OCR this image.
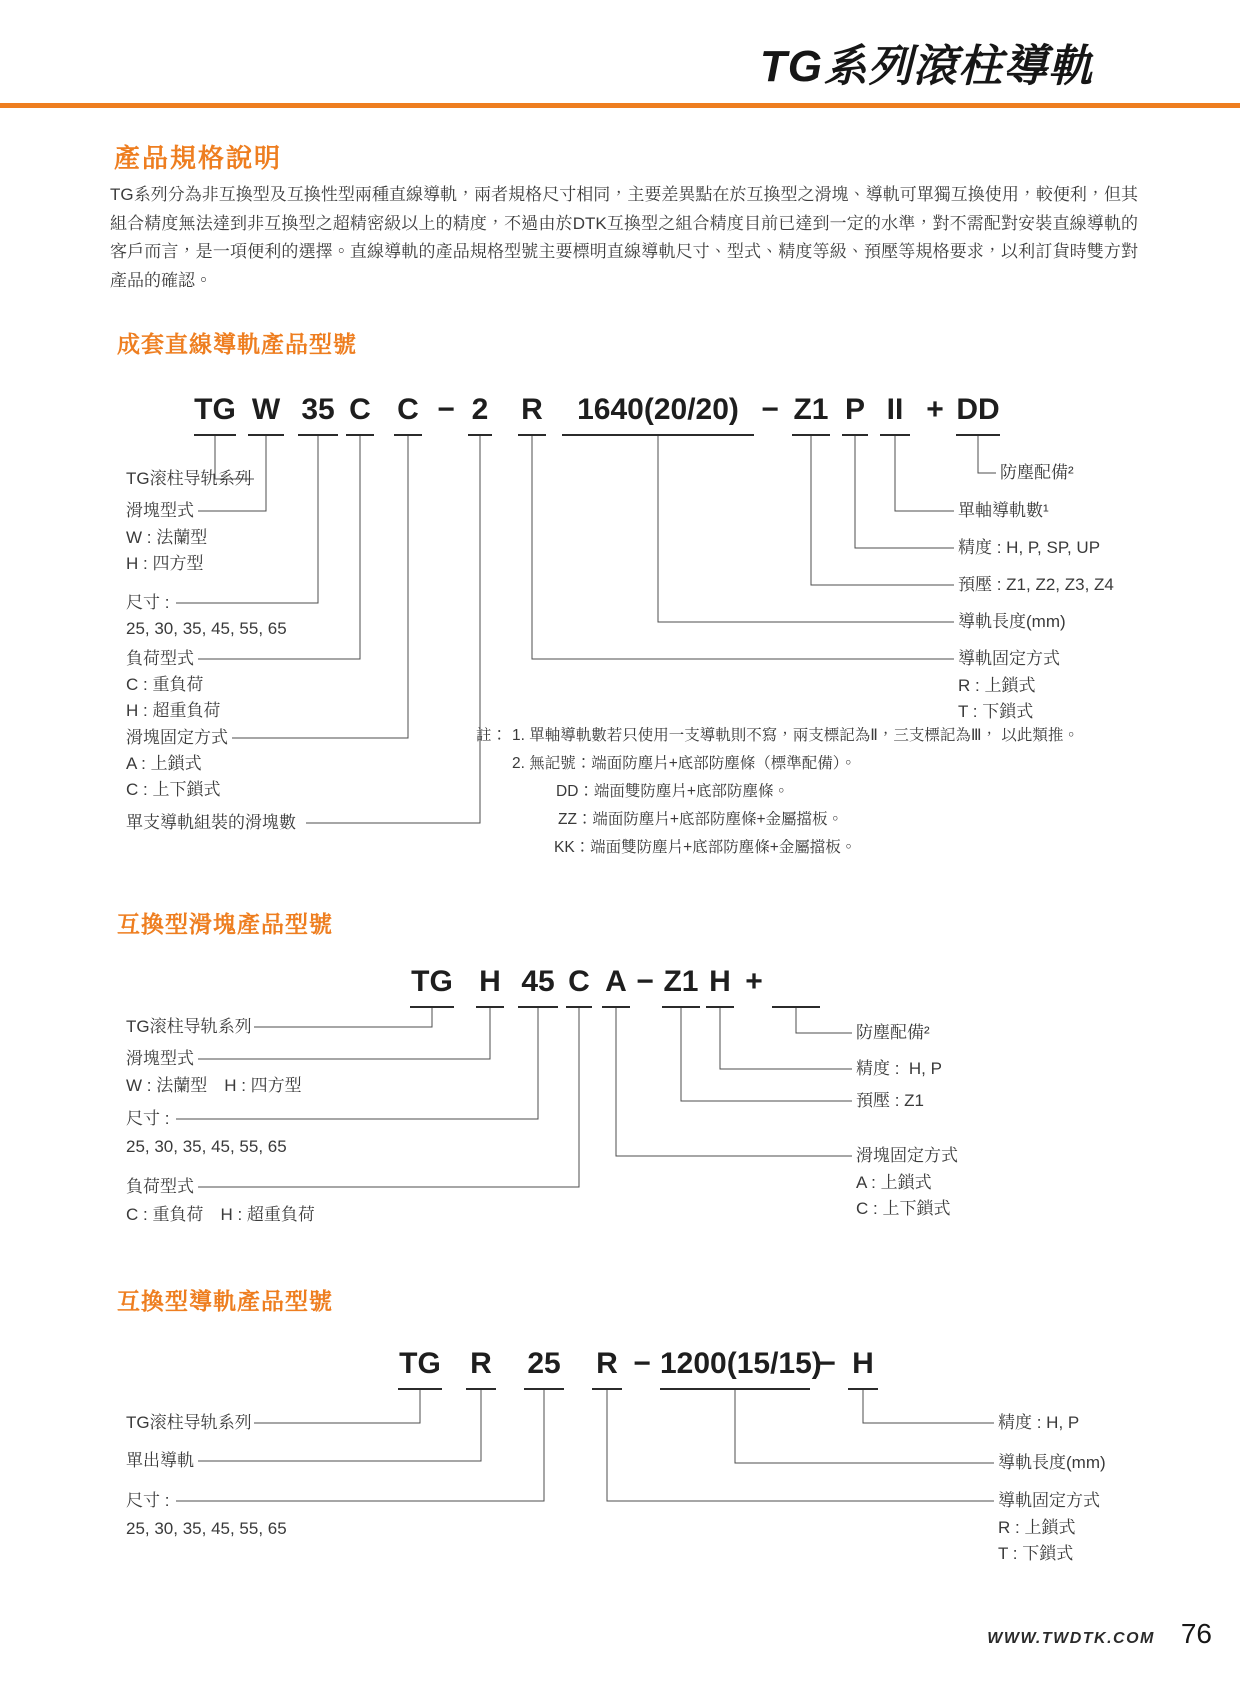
TG系列滾柱導軌
產品規格說明
TG系列分為非互換型及互換性型兩種直線導軌，兩者規格尺寸相同，主要差異點在於互換型之滑塊、導軌可單獨互換使用，較便利，但其組合精度無法達到非互換型之超精密級以上的精度，不過由於DTK互換型之組合精度目前已達到一定的水準，對不需配對安裝直線導軌的客戶而言，是一項便利的選擇。直線導軌的產品規格型號主要標明直線導軌尺寸、型式、精度等級、預壓等規格要求，以利訂貨時雙方對產品的確認。
成套直線導軌產品型號
TG W 35 C C − 2 R	1640(20/20) − Z1 P II + DD
TG滚柱导轨系列
滑塊型式
W : 法蘭型
H : 四方型
尺寸 :
25, 30, 35, 45, 55, 65
負荷型式
C : 重負荷
H : 超重負荷
滑塊固定方式
A : 上鎖式
C : 上下鎖式
單支導軌組裝的滑塊數
防塵配備²
單軸導軌數¹
精度 : H, P, SP, UP
預壓 : Z1, Z2, Z3, Z4
導軌長度(mm)
導軌固定方式
R : 上鎖式
T : 下鎖式
註： 1. 單軸導軌數若只使用一支導軌則不寫，兩支標記為Ⅱ，三支標記為Ⅲ， 以此類推。
2. 無記號：端面防塵片+底部防塵條（標準配備）。
DD：端面雙防塵片+底部防塵條。
ZZ：端面防塵片+底部防塵條+金屬擋板。
KK：端面雙防塵片+底部防塵條+金屬擋板。
互換型滑塊產品型號
TG H 45 C A − Z1 H +
TG滚柱导轨系列
滑塊型式
W : 法蘭型　H : 四方型
尺寸 :
25, 30, 35, 45, 55, 65
負荷型式
C : 重負荷　H : 超重負荷
防塵配備²
精度 :  H, P
預壓 : Z1
滑塊固定方式
A : 上鎖式
C : 上下鎖式
互換型導軌產品型號
TG R 25 R − 1200(15/15)
− H
TG滚柱导轨系列
單出導軌
尺寸 :
25, 30, 35, 45, 55, 65
精度 : H, P
導軌長度(mm)
導軌固定方式
R : 上鎖式
T : 下鎖式
WWW.TWDTK.COM 76
